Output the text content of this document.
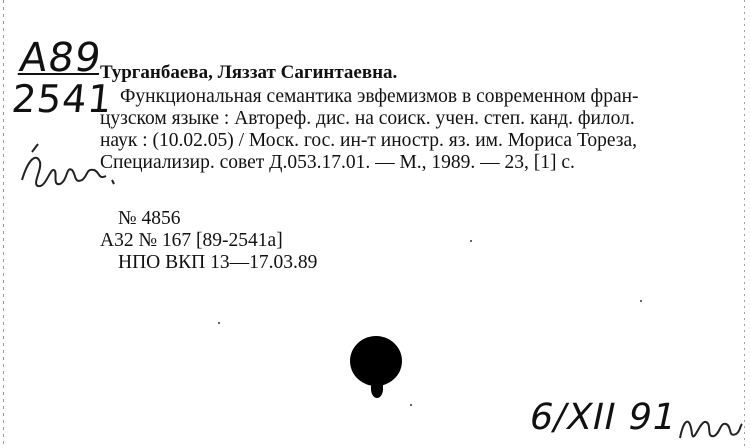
А89
2541
Турганбаева, Ляззат Сагинтаевна.
Функциональная семантика эвфемизмов в современном фран-
цузском языке : Автореф. дис. на соиск. учен. степ. канд. филол.
наук : (10.02.05) / Моск. гос. ин-т иностр. яз. им. Мориса Тореза,
Специализир. совет Д.053.17.01. — М., 1989. — 23, [1] с.
№ 4856
А32 № 167 [89-2541а]
НПО ВКП 13—17.03.89
6/XII 91
